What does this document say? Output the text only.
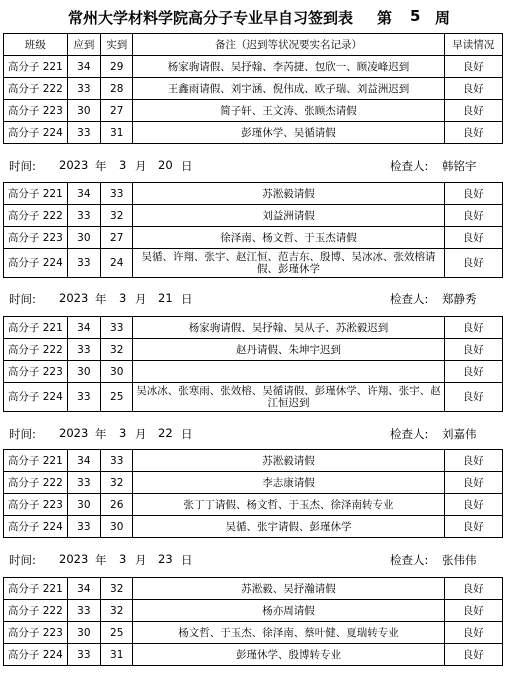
常州大学材料学院高分子专业早自习签到表 第 5 周
班级	应到	实到	备注（迟到等状况要实名记录）	早读情况
高分子 221	34	29	杨家驹请假、吴抒翰、李芮捷、包欣一、顾凌峰迟到	良好
高分子 222	33	28	王鑫雨请假、刘宇涵、倪伟成、欧子瑞、刘益洲迟到	良好
高分子 223	30	27	简子轩、王文涛、张顾杰请假	良好
高分子 224	33	31	彭瑾休学、吴循请假	良好
时间: 2023 年 3 月 20 日	检查人: 韩铭宇
高分子 221	34	33	苏淞毅请假	良好
高分子 222	33	32	刘益洲请假	良好
高分子 223	30	27	徐泽南、杨文哲、于玉杰请假	良好
高分子 224	33	24	吴循、许翔、张宇、赵江恒、范吉东、殷博、吴冰冰、张效榕请假、彭瑾休学	良好
时间: 2023 年 3 月 21 日	检查人: 郑静秀
高分子 221	34	33	杨家驹请假、吴抒翰、吴从子、苏淞毅迟到	良好
高分子 222	33	32	赵丹请假、朱坤宇迟到	良好
高分子 223	30	30		良好
高分子 224	33	25	吴冰冰、张寒雨、张效榕、吴循请假、彭瑾休学、许翔、张宇、赵江恒迟到	良好
时间: 2023 年 3 月 22 日	检查人: 刘嘉伟
高分子 221	34	33	苏淞毅请假	良好
高分子 222	33	32	李志康请假	良好
高分子 223	30	26	张丁丁请假、杨文哲、于玉杰、徐泽南转专业	良好
高分子 224	33	30	吴循、张宇请假、彭瑾休学	良好
时间: 2023 年 3 月 23 日	检查人: 张伟伟
高分子 221	34	32	苏淞毅、吴抒瀚请假	良好
高分子 222	33	32	杨亦周请假	良好
高分子 223	30	25	杨文哲、于玉杰、徐泽南、蔡叶健、夏瑞转专业	良好
高分子 224	33	31	彭瑾休学、殷博转专业	良好
